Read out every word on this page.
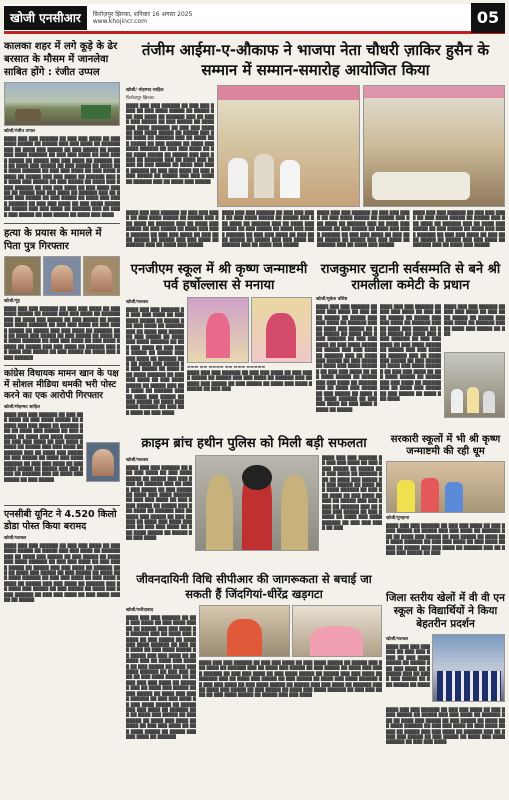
खोजी एनसीआर	फ़िरोज़पुर झिरका, शनिवार 16 अगस्त 2025
www.khojincr.com	05
कालका शहर में लगे कूड़े के ढेर बरसात के मौसम में जानलेवा साबित होंगे : रंजीत उप्पल
खोजी/रंजीत उप्पल
████ ███ ███ ██████ ██ ███ ███ ████ ██ ███ ████ █████ ██ █████ ███ ███ ████ ██ ██████ ███ ██ ████ ███ █████ ██ ███ █████ ██ ████ ███ ████ ██████ ██ ███ ███ ████ ██ ███ ████ █████ ██ █████ ███ ███ ████ ██ ██████ ███ ██ ████ ███ █████ ██ ███ █████ ██ ████ ███ ████ ██████ ██ ███ ███ ████ ██ ███ ████ █████ ██ █████ ███ ███ ████ ██ ██████ ███ ██ ████ ███ █████ ██ ███ █████ ██ ████ ███ ████ ██████ ██ ███ ███ ████ ██ ███ ████ █████ ██ █████ ███ ███ ████ ██ ██████ ███ ██ ████ ███ █████ ██ ███ █████ ██ ████ ███ ████ ██████ ██ ███ ███ ████ ██ ███ ████ █████ ██ █████ ███ ███ ████ ██ ██████ ███ ██ ████ ███ █████ ██ ███ █████ ██ ████ ███ ████
हत्या के प्रयास के मामले में पिता पुत्र गिरफ्तार
खोजी/नूंह
████ ███ ███ ██████ ██ ███ ███ ████ ██ ███ ████ █████ ██ █████ ███ ███ ████ ██ ██████ ███ ██ ████ ███ █████ ██ ███ █████ ██ ████ ███ ████ ██████ ██ ███ ███ ████ ██ ███ ████ █████ ██ █████ ███ ███ ████ ██ ██████ ███ ██ ████ ███ █████ ██ ███ █████ ██ ████ ███ ████ ██████ ██ ███ ███ ████ ██ ███ ████ █████ ██ █████ ███ ███ ████ ██ ██████ ███ ██ ████ ███ █████ ██ ███ █████ ██ ████ ███ ████ ██████
कांग्रेस विधायक मामन खान के पक्ष में सोशल मीडिया धमकी भरी पोस्ट करने का एक आरोपी गिरफ्तार
खोजी/मोहम्मद साहिल
████ ███ ███ ██████ ██ ███ ███ ████ ██ ███ ████ █████ ██ █████ ███ ███ ████ ██ ██████ ███ ██ ████ ███ █████ ██ ███ █████ ██ ████ ███ ████ ██████ ██ ███ ███ ████ ██ ███ ████ █████ ██ █████ ███ ███ ████ ██ ██████ ███ ██ ████ ███ █████ ██ ███ █████ ██ ████ ███ ████ ██████ ██ ███ ███ ████ ██ ███ ████ █████ ██ █████ ███ ███ ████ ██ ██████ ███ ██ ████ ███ █████ ██ ███ █████
एनसीबी यूनिट ने 4.520 किलो डोडा पोस्त किया बरामद
खोजी/पलवल
████ ███ ███ ██████ ██ ███ ███ ████ ██ ███ ████ █████ ██ █████ ███ ███ ████ ██ ██████ ███ ██ ████ ███ █████ ██ ███ █████ ██ ████ ███ ████ ██████ ██ ███ ███ ████ ██ ███ ████ █████ ██ █████ ███ ███ ████ ██ ██████ ███ ██ ████ ███ █████ ██ ███ █████ ██ ████ ███ ████ ██████ ██ ███ ███ ████ ██ ███ ████ █████ ██ █████ ███ ███ ████ ██ ██████ ███ ██ ████ ███ █████ ██ ███ █████ ██ ████ ███ ████ ██████ ██ ███ ███ ████ ██ ███ ████ █████ ██ █████
तंजीम आईमा-ए-औकाफ ने भाजपा नेता चौधरी ज़ाकिर हुसैन के सम्मान में सम्मान-समारोह आयोजित किया
खोजी/ मोहम्मद साहिल
फ़िरोज़पुर झिरका
████ ███ ███ ██████ ██ ███ ███ ████ ██ ███ ████ █████ ██ █████ ███ ███ ████ ██ ██████ ███ ██ ████ ███ █████ ██ ███ █████ ██ ████ ███ ████ ██████ ██ ███ ███ ████ ██ ███ ████ █████ ██ █████ ███ ███ ████ ██ ██████ ███ ██ ████ ███ █████ ██ ███ █████ ██ ████ ███ ████ ██████ ██ ███ ███ ████ ██ ███ ████ █████ ██ █████ ███ ███ ████ ██ ██████ ███ ██ ████ ███ █████ ██ ███ █████ ██ ████ ███ ████ ██████ ██ ███ ███ ████ ██ ███ ████ █████ ██ █████ ███ ███ ████ ██ ██████ ███ ██ ████ ███ █████
████ ███ ███ ██████ ██ ███ ███ ████ ██ ███ ████ █████ ██ █████ ███ ███ ████ ██ ██████ ███ ██ ████ ███ █████ ██ ███ █████ ██ ████ ███ ████ ██████ ██ ███ ███ ████ ██ ███ ████ █████ ██ █████ ███ ███ ████ ██ ██████ ███ ██ ████ ███ █████
████ ███ ███ ██████ ██ ███ ███ ████ ██ ███ ████ █████ ██ █████ ███ ███ ████ ██ ██████ ███ ██ ████ ███ █████ ██ ███ █████ ██ ████ ███ ████ ██████ ██ ███ ███ ████ ██ ███ ████ █████ ██ █████ ███ ███ ████ ██ ██████ ███ ██ ████ ███ █████
████ ███ ███ ██████ ██ ███ ███ ████ ██ ███ ████ █████ ██ █████ ███ ███ ████ ██ ██████ ███ ██ ████ ███ █████ ██ ███ █████ ██ ████ ███ ████ ██████ ██ ███ ███ ████ ██ ███ ████ █████ ██ █████ ███ ███ ████ ██ ██████ ███ ██ ████ ███ █████
████ ███ ███ ██████ ██ ███ ███ ████ ██ ███ ████ █████ ██ █████ ███ ███ ████ ██ ██████ ███ ██ ████ ███ █████ ██ ███ █████ ██ ████ ███ ████ ██████ ██ ███ ███ ████ ██ ███ ████ █████ ██ █████ ███ ███ ████ ██ ██████ ███ ██ ████ ███ █████
एनजीएम स्कूल में श्री कृष्ण जन्माष्टमी पर्व हर्षोल्लास से मनाया
खोजी/पलवल
████ ███ ███ ██████ ██ ███ ███ ████ ██ ███ ████ █████ ██ █████ ███ ███ ████ ██ ██████ ███ ██ ████ ███ █████ ██ ███ █████ ██ ████ ███ ████ ██████ ██ ███ ███ ████ ██ ███ ████ █████ ██ █████ ███ ███ ████ ██ ██████ ███ ██ ████ ███ █████ ██ ███ █████ ██ ████ ███ ████ ██████ ██ ███ ███ ████ ██ ███ ████ █████ ██ █████ ███ ███ ████ ██ ██████ ███ ██ ████ ███ █████ ██ ███ █████ ██ ████ ███ ████ ██████ ██ ███ ███ ████ ██ ███ ████
▬▬▬ ▬▬ ▬▬▬▬ ▬▬ ▬▬▬ ▬▬▬▬▬
████ ███ ███ ██████ ██ ███ ███ ████ ██ ███ ████ █████ ██ █████ ███ ███ ████ ██ ██████ ███ ██ ████ ███ █████ ██ ███ █████ ██ ████ ███ ████ ██████ ██ ███ ███
राजकुमार चुटानी सर्वसम्मति से बने श्री रामलीला कमेटी के प्रधान
खोजी/मुकेश वशिष्ठ
████ ███ ███ ██████ ██ ███ ███ ████ ██ ███ ████ █████ ██ █████ ███ ███ ████ ██ ██████ ███ ██ ████ ███ █████ ██ ███ █████ ██ ████ ███ ████ ██████ ██ ███ ███ ████ ██ ███ ████ █████ ██ █████ ███ ███ ████ ██ ██████ ███ ██ ████ ███ █████ ██ ███ █████ ██ ████ ███ ████ ██████ ██ ███ ███ ████ ██ ███ ████ █████ ██ █████ ███ ███ ████ ██ ██████ ███ ██ ████ ███ █████ ██ ███ █████ ██ ████ ███ ████ ██████ ██ ███ ███ ████ ██ ███ ████ █████ ██ █████
████ ███ ███ ██████ ██ ███ ███ ████ ██ ███ ████ █████ ██ █████ ███ ███ ████ ██ ██████ ███ ██ ████ ███ █████ ██ ███ █████ ██ ████ ███ ████ ██████ ██ ███ ███ ████ ██ ███ ████ █████ ██ █████ ███ ███ ████ ██ ██████ ███ ██ ████ ███ █████ ██ ███ █████ ██ ████ ███ ████ ██████ ██ ███ ███ ████ ██ ███ ████ █████ ██ █████ ███ ███ ████ ██ ██████ ███ ██ ████ ███ █████ ██ ███ █████ ██ ████ ███ ████
████ ███ ███ ██████ ██ ███ ███ ████ ██ ███ ████ █████ ██ █████ ███ ███ ████ ██ ██████ ███ ██ ████ ███ █████ ██ ███
क्राइम ब्रांच हथीन पुलिस को मिली बड़ी सफलता
खोजी/पलवल
████ ███ ███ ██████ ██ ███ ███ ████ ██ ███ ████ █████ ██ █████ ███ ███ ████ ██ ██████ ███ ██ ████ ███ █████ ██ ███ █████ ██ ████ ███ ████ ██████ ██ ███ ███ ████ ██ ███ ████ █████ ██ █████ ███ ███ ████ ██ ██████ ███ ██ ████ ███ █████ ██ ███ █████ ██ ████ ███ ████ ██████ ██ ███ ███ ████ ██ ███ ████ █████ ██ █████ ███ ███ ████
████ ███ ███ ██████ ██ ███ ███ ████ ██ ███ ████ █████ ██ █████ ███ ███ ████ ██ ██████ ███ ██ ████ ███ █████ ██ ███ █████ ██ ████ ███ ████ ██████ ██ ███ ███ ████ ██ ███ ████ █████ ██ █████ ███ ███ ████ ██ ██████ ███ ██ ████ ███ █████ ██ ███ █████ ██ ████ ███ ████ ██████ ██ ███ ███ ████ ██ ███
सरकारी स्कूलों में भी श्री कृष्ण जन्माष्टमी की रही धूम
खोजी/पुनहाना
████ ███ ███ ██████ ██ ███ ███ ████ ██ ███ ████ █████ ██ █████ ███ ███ ████ ██ ██████ ███ ██ ████ ███ █████ ██ ███ █████ ██ ████ ███ ████ ██████ ██ ███ ███ ████ ██ ███ ████ █████ ██ █████ ███ ███ ████ ██ ██████ ███ ██ ████ ███ █████ ██ ███
जीवनदायिनी विधि सीपीआर की जागरूकता से बचाई जा सकती हैं जिंदगियां-धीरेंद्र खड़गटा
खोजी/फरीदाबाद
████ ███ ███ ██████ ██ ███ ███ ████ ██ ███ ████ █████ ██ █████ ███ ███ ████ ██ ██████ ███ ██ ████ ███ █████ ██ ███ █████ ██ ████ ███ ████ ██████ ██ ███ ███ ████ ██ ███ ████ █████ ██ █████ ███ ███ ████ ██ ██████ ███ ██ ████ ███ █████ ██ ███ █████ ██ ████ ███ ████ ██████ ██ ███ ███ ████ ██ ███ ████ █████ ██ █████ ███ ███ ████ ██ ██████ ███ ██ ████ ███ █████ ██ ███ █████ ██ ████ ███ ████ ██████ ██ ███ ███ ████ ██ ███ ████ █████ ██ █████ ███ ███ ████ ██ ██████ ███ ██ ████ ███ █████ ██ ███ █████ ██ ████ ███ ████ ██████ ██ ███ ███ ████ ██ ███ ████ █████ ██ █████ ███ ███ ████ ██ ██████
████ ███ ███ ██████ ██ ███ ███ ████ ██ ███ ████ █████ ██ █████ ███ ███ ████ ██ ██████ ███ ██ ████ ███ █████ ██ ███ █████ ██ ████ ███ ████ ██████ ██ ███ ███ ████ ██ ███ ████ █████ ██ █████ ███ ███ ████ ██ ██████ ███ ██ ████ ███ █████ ██ ███ █████ ██ ████ ███ ████ ██████ ██ ███ ███ ████ ██ ███ ████ █████ ██ █████ ███ ███ ████ ██ ██████ ███ ██ ████ ███ █████ ██ ███ █████ ██ ████ ███ ████ ██████ ██ ███ ███ ████ ██ ███ ████ █████ ██ █████ ███ ███ ████
जिला स्तरीय खेलों में वी वी एन स्कूल के विद्यार्थियों ने किया बेहतरीन प्रदर्शन
खोजी/पलवल
████ ███ ███ ██████ ██ ███ ███ ████ ██ ███ ████ █████ ██ █████ ███ ███ ████ ██ ██████ ███ ██ ████ ███ █████ ██ ███ █████ ██ ████
████ ███ ███ ██████ ██ ███ ███ ████ ██ ███ ████ █████ ██ █████ ███ ███ ████ ██ ██████ ███ ██ ████ ███ █████ ██ ███ █████ ██ ████ ███ ████ ██████ ██ ███ ███ ████ ██ ███ ████ █████ ██ █████ ███ ███ ████ ██ ██████ ███ ██ ████ ███ █████ ██ ███ █████ ██ ████ ███ ████ ██████ ██ ███ ███ ████
